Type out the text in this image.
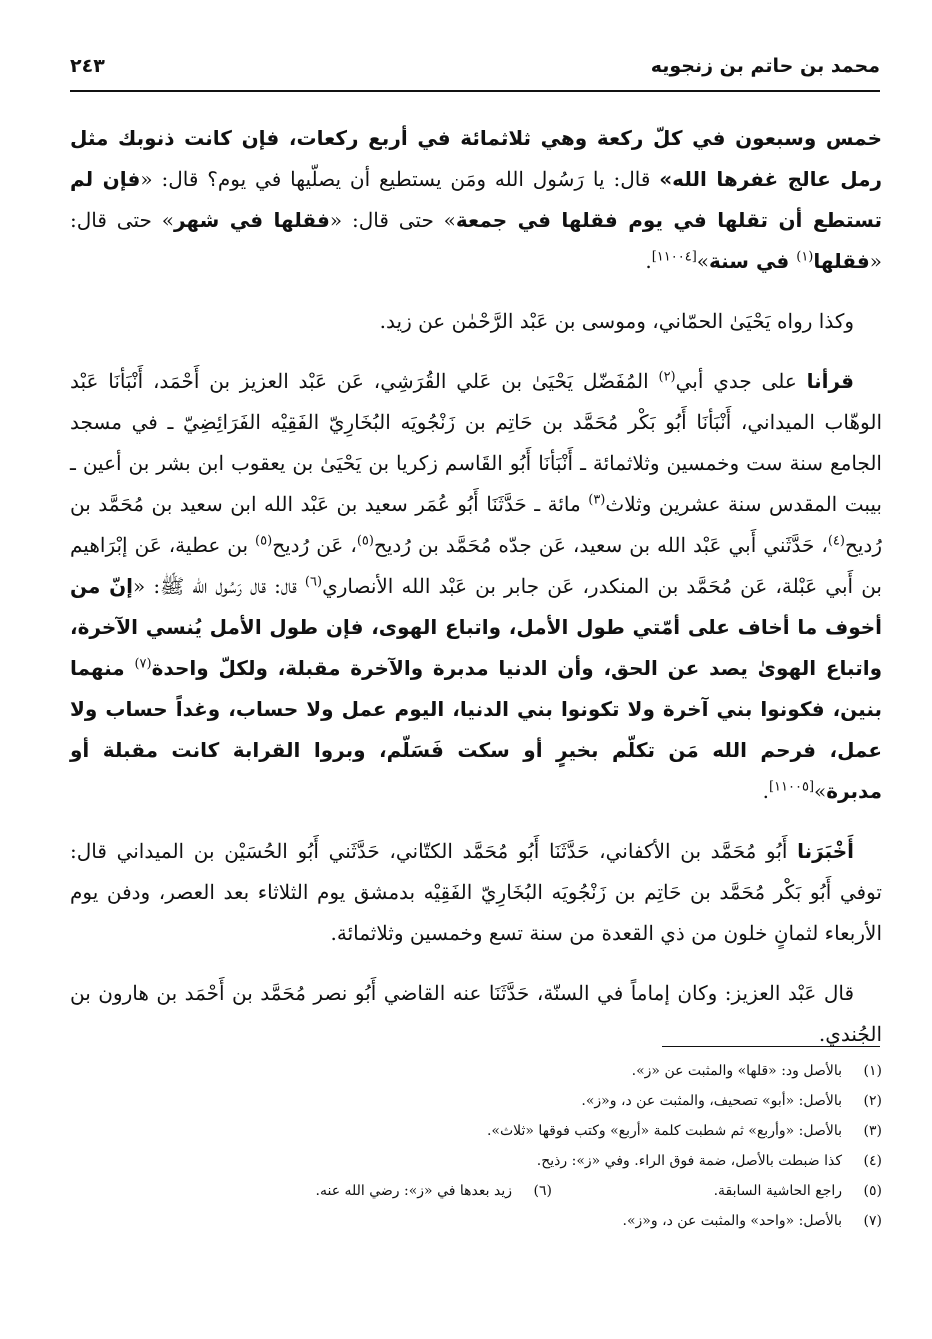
محمد بن حاتم بن زنجويه
٢٤٣

خمس وسبعون في كلّ ركعة وهي ثلاثمائة في أربع ركعات، فإن كانت ذنوبك مثل رمل عالج غفرها الله» قال: يا رَسُول الله ومَن يستطيع أن يصلّيها في يوم؟ قال: «فإن لم تستطع أن تقلها في يوم فقلها في جمعة» حتى قال: «فقلها في شهر» حتى قال: «فقلها$^{(١)}$ في سنة»[١١٠٠٤].

وكذا رواه يَحْيَىٰ الحمّاني، وموسى بن عَبْد الرَّحْمٰن عن زيد.

قرأنا على جدي أبي$^{(٢)}$ المُفَضّل يَحْيَىٰ بن عَلي القُرَشِي، عَن عَبْد العزيز بن أَحْمَد، أَنْبَأنَا عَبْد الوهّاب الميداني، أَنْبَأنَا أَبُو بَكْر مُحَمَّد بن حَاتِم بن زَنْجُويَه البُخَارِيّ الفَقِيْه الفَرَائِضِيّ ـ في مسجد الجامع سنة ست وخمسين وثلاثمائة ـ أَنْبَأنَا أَبُو القَاسم زكريا بن يَحْيَىٰ بن يعقوب ابن بشر بن أعين ـ بيبت المقدس سنة عشرين وثلاث$^{(٣)}$ مائة ـ حَدَّثَنَا أَبُو عُمَر سعيد بن عَبْد الله ابن سعيد بن مُحَمَّد بن رُديح$^{(٤)}$، حَدَّثَني أَبي عَبْد الله بن سعيد، عَن جدّه مُحَمَّد بن رُديح$^{(٥)}$، عَن رُديح$^{(٥)}$ بن عطية، عَن إبْرَاهيم بن أَبي عَبْلة، عَن مُحَمَّد بن المنكدر، عَن جابر بن عَبْد الله الأنصاري$^{(٦)}$ قال: قال رَسُول الله ﷺ: «إنّ من أخوف ما أخاف على أمّتي طول الأمل، واتباع الهوى، فإن طول الأمل يُنسي الآخرة، واتباع الهوىٰ يصد عن الحق، وأن الدنيا مدبرة والآخرة مقبلة، ولكلّ واحدة$^{(٧)}$ منهما بنين، فكونوا بني آخرة ولا تكونوا بني الدنيا، اليوم عمل ولا حساب، وغداً حساب ولا عمل، فرحم الله مَن تكلّم بخيرٍ أو سكت فَسَلّم، وبروا القرابة كانت مقبلة أو مدبرة»[١١٠٠٥].

أَخْبَرَنا أَبُو مُحَمَّد بن الأكفاني، حَدَّثَنَا أَبُو مُحَمَّد الكتّاني، حَدَّثَني أَبُو الحُسَيْن بن الميداني قال: توفي أَبُو بَكْر مُحَمَّد بن حَاتِم بن زَنْجُويَه البُخَارِيّ الفَقِيْه بدمشق يوم الثلاثاء بعد العصر، ودفن يوم الأربعاء لثمانٍ خلون من ذي القعدة من سنة تسع وخمسين وثلاثمائة.

قال عَبْد العزيز: وكان إماماً في السنّة، حَدَّثَنَا عنه القاضي أَبُو نصر مُحَمَّد بن أَحْمَد بن هارون بن الجُندي.

(١)
بالأصل ود: «قلها» والمثبت عن «ز».
(٢)
بالأصل: «أبو» تصحيف، والمثبت عن د، و«ز».
(٣)
بالأصل: «وأربع» ثم شطبت كلمة «أربع» وكتب فوقها «ثلاث».
(٤)
كذا ضبطت بالأصل، ضمة فوق الراء. وفي «ز»: رذيح.
(٥)
راجع الحاشية السابقة.
(٦)
زيد بعدها في «ز»: رضي الله عنه.
(٧)
بالأصل: «واحد» والمثبت عن د، و«ز».
